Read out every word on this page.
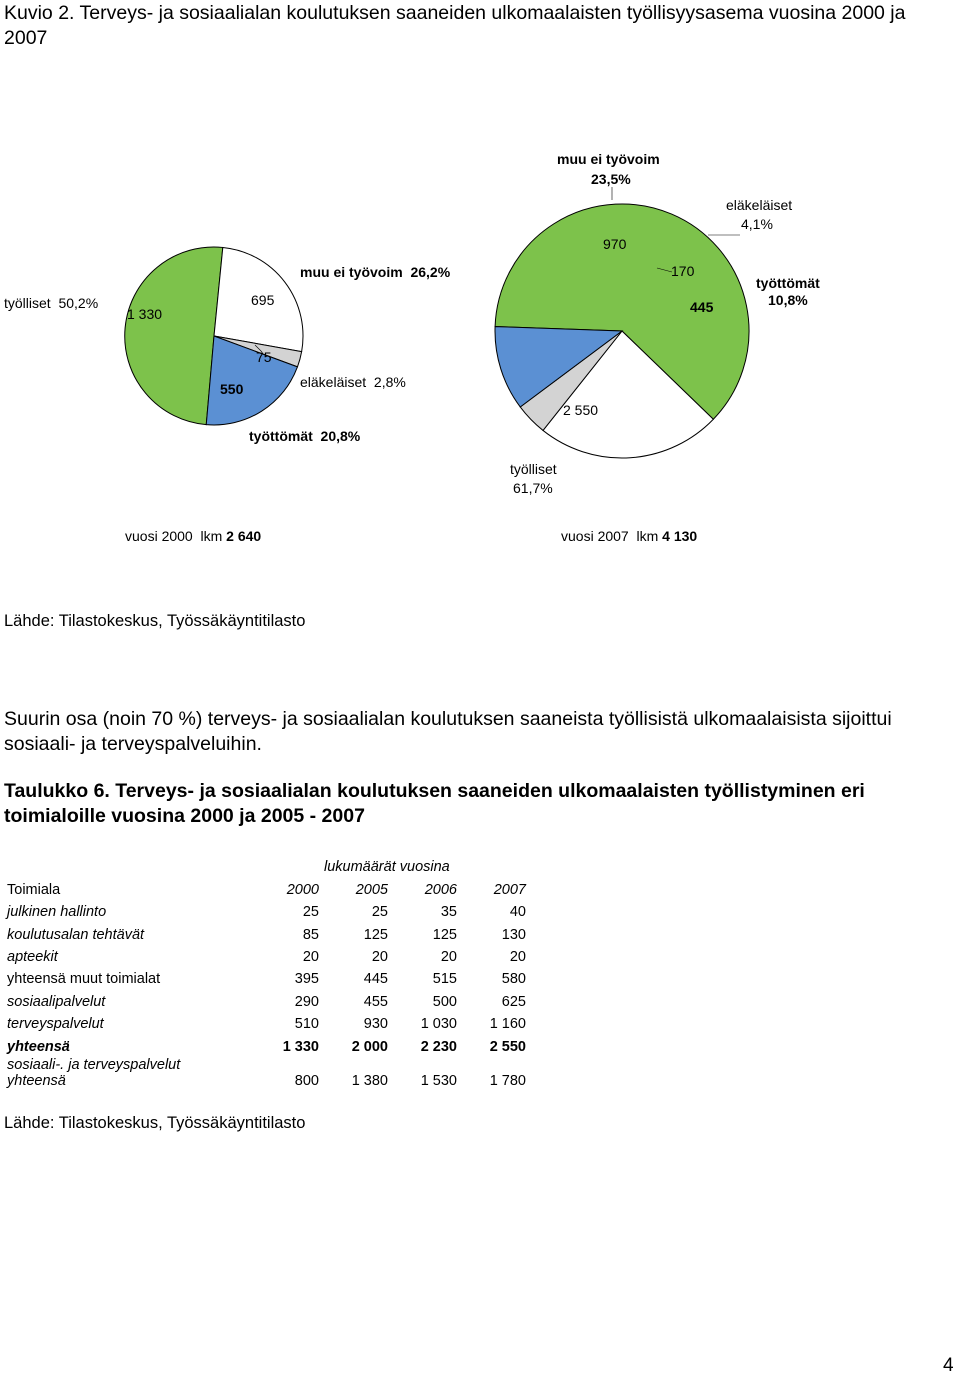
Kuvio 2. Terveys- ja sosiaalialan koulutuksen saaneiden ulkomaalaisten työllisyysasema vuosina 2000 ja 2007
työlliset  50,2%
1 330
695
muu ei työvoim  26,2%
75
eläkeläiset  2,8%
550
työttömät  20,8%
muu ei työvoim
23,5%
970
eläkeläiset
4,1%
170
445
työttömät
10,8%
2 550
työlliset
61,7%
vuosi 2000 lkm 2 640	vuosi 2007 lkm 4 130
Lähde: Tilastokeskus, Työssäkäyntitilasto
Suurin osa (noin 70 %) terveys- ja sosiaalialan koulutuksen saaneista työllisistä ulkomaalaisista sijoittui sosiaali- ja terveyspalveluihin.
Taulukko 6. Terveys- ja sosiaalialan koulutuksen saaneiden ulkomaalaisten työllistyminen eri toimialoille vuosina 2000 ja 2005 - 2007
	lukumäärät vuosina			
Toimiala	2000	2005	2006	2007
julkinen hallinto	25	25	35	40
koulutusalan tehtävät	85	125	125	130
apteekit	20	20	20	20
yhteensä muut toimialat	395	445	515	580
sosiaalipalvelut	290	455	500	625
terveyspalvelut	510	930	1 030	1 160
yhteensä	1 330	2 000	2 230	2 550

sosiaali-. ja terveyspalvelut
yhteensä	800	1 380	1 530	1 780
Lähde: Tilastokeskus, Työssäkäyntitilasto
4
